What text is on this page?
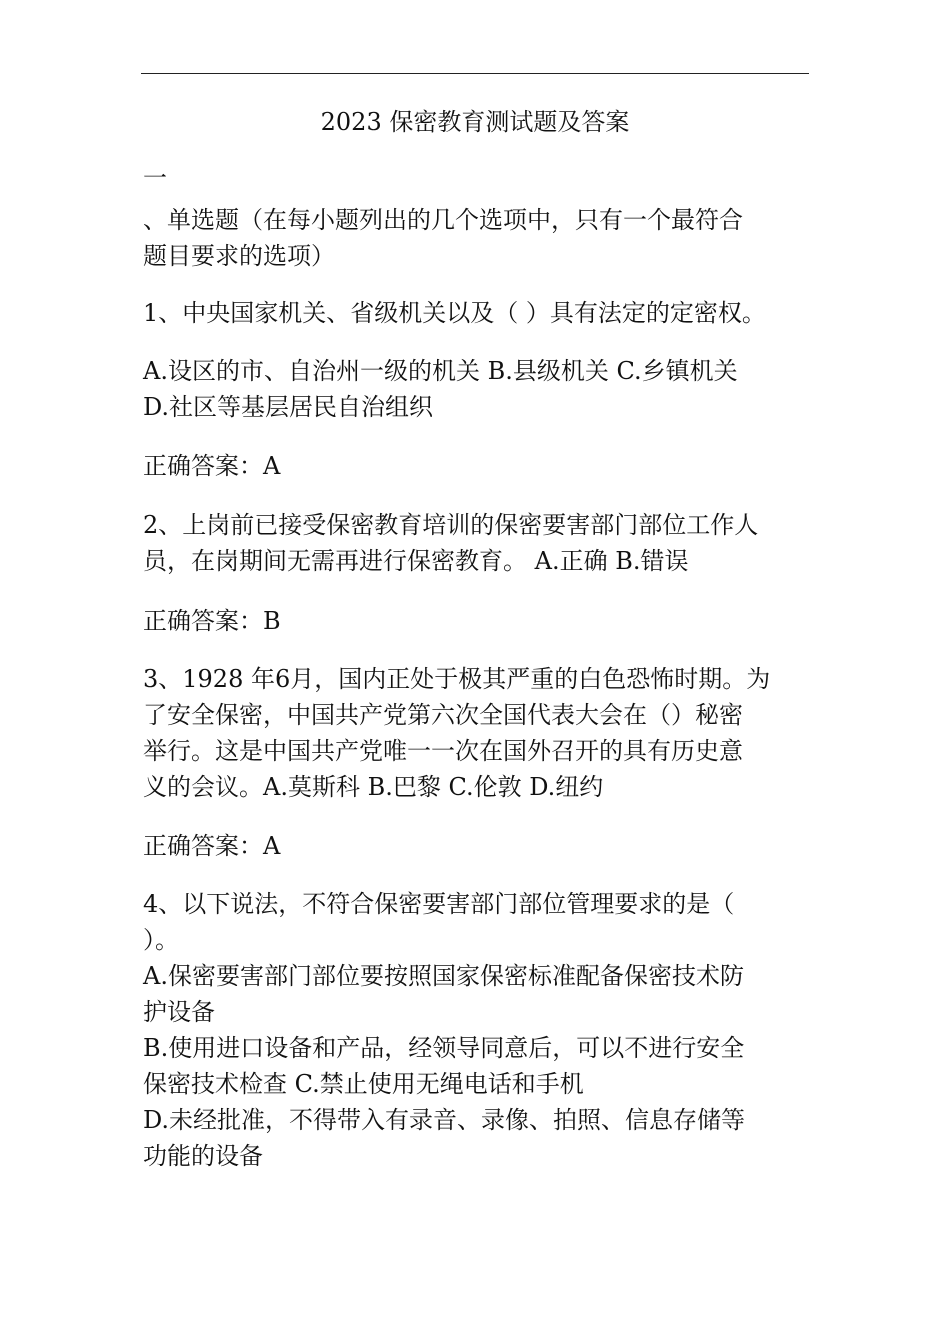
2023 保密教育测试题及答案
一
、单选题（在每小题列出的几个选项中，只有一个最符合
题目要求的选项）
1、中央国家机关、省级机关以及（ ）具有法定的定密权。
A.设区的市、自治州一级的机关 B.县级机关 C.乡镇机关
D.社区等基层居民自治组织
正确答案：A
2、上岗前已接受保密教育培训的保密要害部门部位工作人
员，在岗期间无需再进行保密教育。 A.正确 B.错误
正确答案：B
3、1928 年6月，国内正处于极其严重的白色恐怖时期。为
了安全保密，中国共产党第六次全国代表大会在（）秘密
举行。这是中国共产党唯一一次在国外召开的具有历史意
义的会议。A.莫斯科 B.巴黎 C.伦敦 D.纽约
正确答案：A
4、以下说法，不符合保密要害部门部位管理要求的是（
）。
A.保密要害部门部位要按照国家保密标准配备保密技术防
护设备
B.使用进口设备和产品，经领导同意后，可以不进行安全
保密技术检查 C.禁止使用无绳电话和手机
D.未经批准，不得带入有录音、录像、拍照、信息存储等
功能的设备
